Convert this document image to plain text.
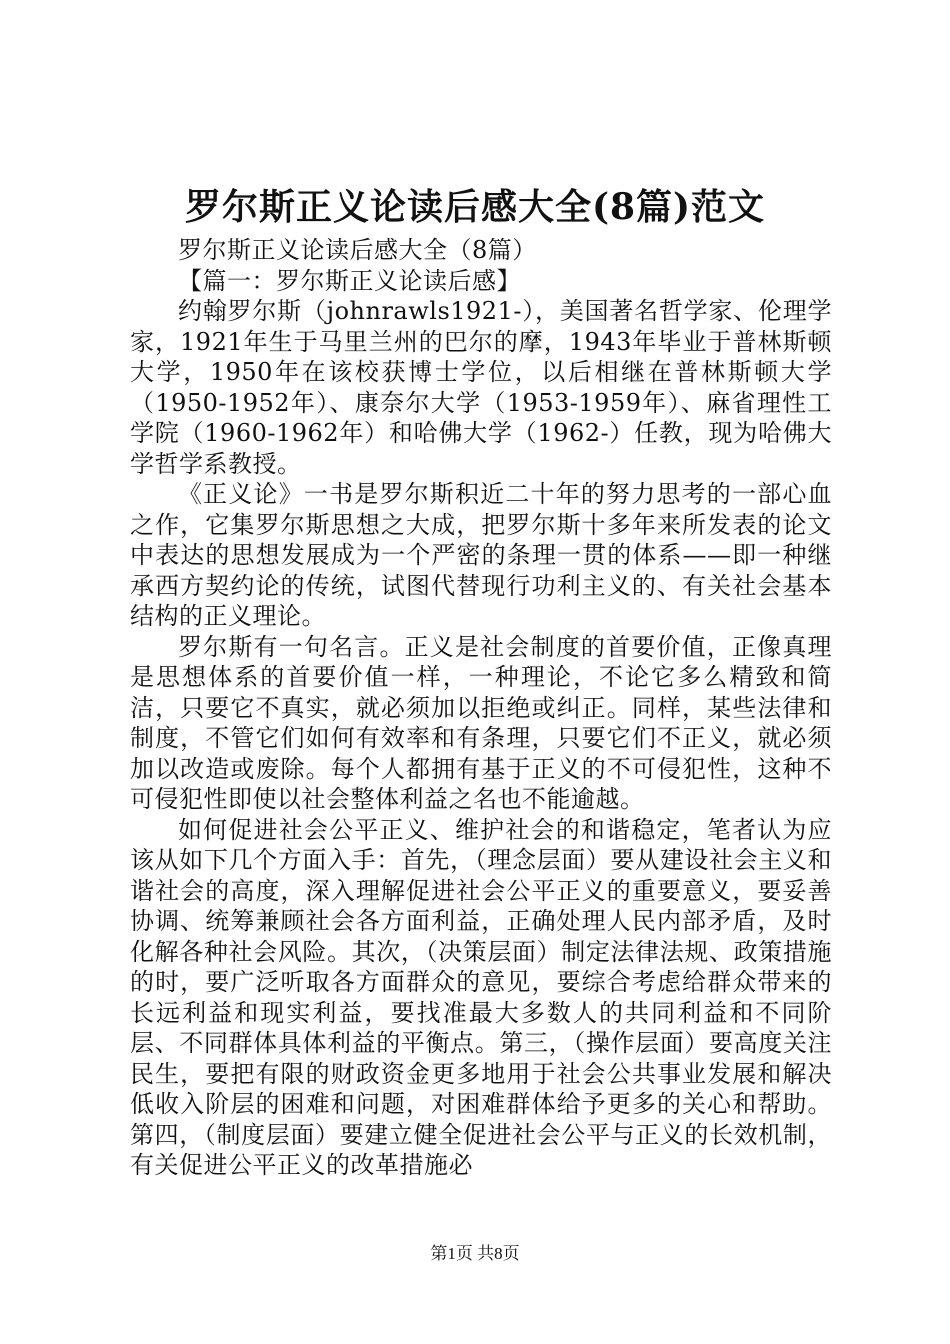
罗尔斯正义论读后感大全(8篇)范文

罗尔斯正义论读后感大全（8篇）

【篇一：罗尔斯正义论读后感】

约翰罗尔斯（johnrawls1921-），美国著名哲学家、伦理学家，1921年生于马里兰州的巴尔的摩，1943年毕业于普林斯顿大学，1950年在该校获博士学位，以后相继在普林斯顿大学（1950-1952年）、康奈尔大学（1953-1959年）、麻省理性工学院（1960-1962年）和哈佛大学（1962-）任教，现为哈佛大学哲学系教授。

《正义论》一书是罗尔斯积近二十年的努力思考的一部心血之作，它集罗尔斯思想之大成，把罗尔斯十多年来所发表的论文中表达的思想发展成为一个严密的条理一贯的体系——即一种继承西方契约论的传统，试图代替现行功利主义的、有关社会基本结构的正义理论。

罗尔斯有一句名言。正义是社会制度的首要价值，正像真理是思想体系的首要价值一样，一种理论，不论它多么精致和简洁，只要它不真实，就必须加以拒绝或纠正。同样，某些法律和制度，不管它们如何有效率和有条理，只要它们不正义，就必须加以改造或废除。每个人都拥有基于正义的不可侵犯性，这种不可侵犯性即使以社会整体利益之名也不能逾越。

如何促进社会公平正义、维护社会的和谐稳定，笔者认为应该从如下几个方面入手：首先，（理念层面）要从建设社会主义和谐社会的高度，深入理解促进社会公平正义的重要意义，要妥善协调、统筹兼顾社会各方面利益，正确处理人民内部矛盾，及时化解各种社会风险。其次，（决策层面）制定法律法规、政策措施的时，要广泛听取各方面群众的意见，要综合考虑给群众带来的长远利益和现实利益，要找准最大多数人的共同利益和不同阶层、不同群体具体利益的平衡点。第三，（操作层面）要高度关注民生，要把有限的财政资金更多地用于社会公共事业发展和解决低收入阶层的困难和问题，对困难群体给予更多的关心和帮助。第四，（制度层面）要建立健全促进社会公平与正义的长效机制，有关促进公平正义的改革措施必

第1页 共8页
